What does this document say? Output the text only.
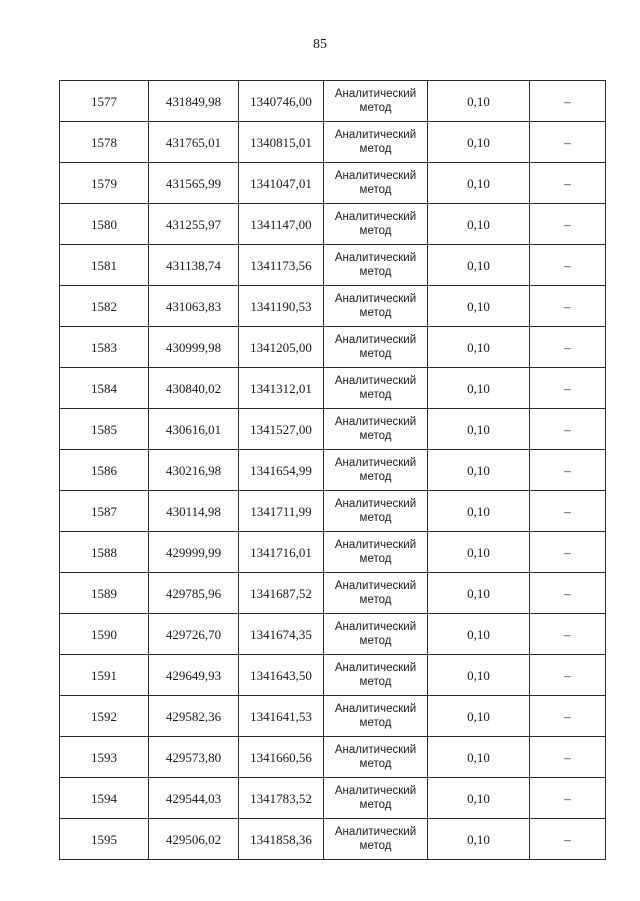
85
1577	431849,98	1340746,00	Аналитический метод	0,10	–
1578	431765,01	1340815,01	Аналитический метод	0,10	–
1579	431565,99	1341047,01	Аналитический метод	0,10	–
1580	431255,97	1341147,00	Аналитический метод	0,10	–
1581	431138,74	1341173,56	Аналитический метод	0,10	–
1582	431063,83	1341190,53	Аналитический метод	0,10	–
1583	430999,98	1341205,00	Аналитический метод	0,10	–
1584	430840,02	1341312,01	Аналитический метод	0,10	–
1585	430616,01	1341527,00	Аналитический метод	0,10	–
1586	430216,98	1341654,99	Аналитический метод	0,10	–
1587	430114,98	1341711,99	Аналитический метод	0,10	–
1588	429999,99	1341716,01	Аналитический метод	0,10	–
1589	429785,96	1341687,52	Аналитический метод	0,10	–
1590	429726,70	1341674,35	Аналитический метод	0,10	–
1591	429649,93	1341643,50	Аналитический метод	0,10	–
1592	429582,36	1341641,53	Аналитический метод	0,10	–
1593	429573,80	1341660,56	Аналитический метод	0,10	–
1594	429544,03	1341783,52	Аналитический метод	0,10	–
1595	429506,02	1341858,36	Аналитический метод	0,10	–
